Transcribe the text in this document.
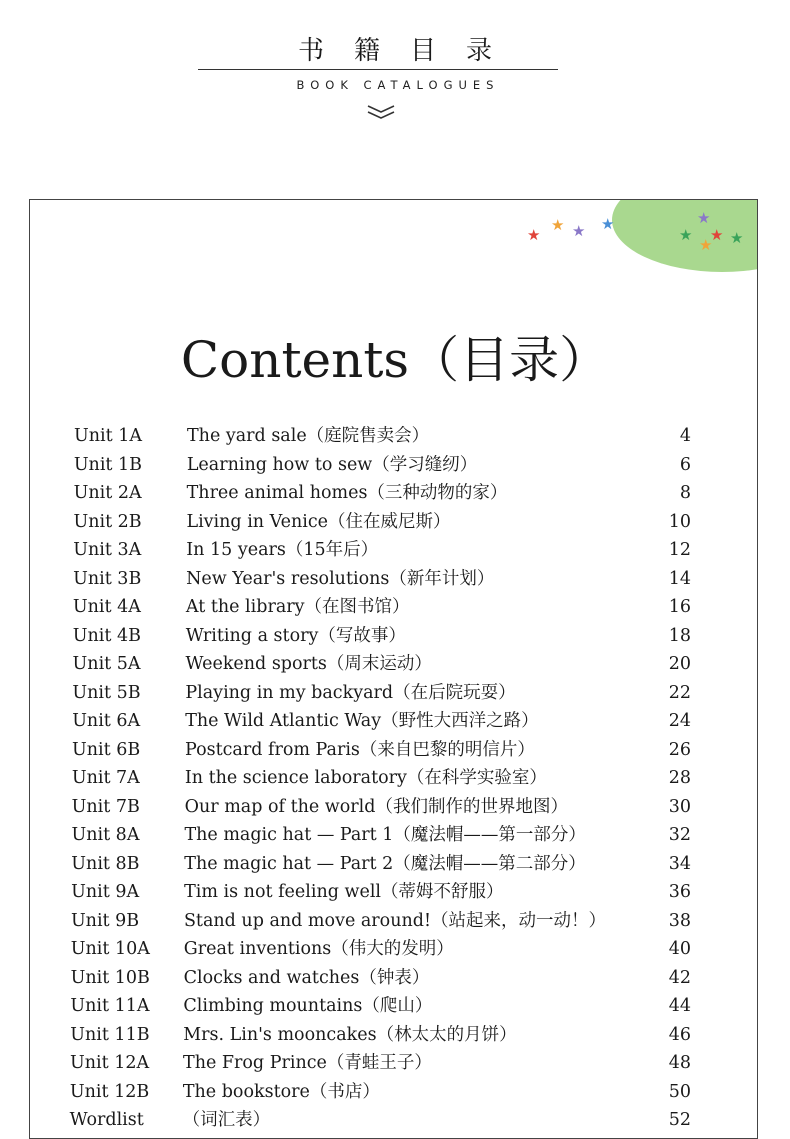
书籍目录
BOOK CATALOGUES
★
★ ★ ★	★
★ ★
★ ★
Contents（目录）
Unit 1A	The yard sale（庭院售卖会）	4
Unit 1B	Learning how to sew（学习缝纫）	6
Unit 2A	Three animal homes（三种动物的家）	8
Unit 2B	Living in Venice（住在威尼斯）	10
Unit 3A	In 15 years（15年后）	12
Unit 3B	New Year's resolutions（新年计划）	14
Unit 4A	At the library（在图书馆）	16
Unit 4B	Writing a story（写故事）	18
Unit 5A	Weekend sports（周末运动）	20
Unit 5B	Playing in my backyard（在后院玩耍）	22
Unit 6A	The Wild Atlantic Way（野性大西洋之路）	24
Unit 6B	Postcard from Paris（来自巴黎的明信片）	26
Unit 7A	In the science laboratory（在科学实验室）	28
Unit 7B	Our map of the world（我们制作的世界地图）	30
Unit 8A	The magic hat — Part 1（魔法帽——第一部分）	32
Unit 8B	The magic hat — Part 2（魔法帽——第二部分）	34
Unit 9A	Tim is not feeling well（蒂姆不舒服）	36
Unit 9B	Stand up and move around!（站起来，动一动！）	38
Unit 10A Great inventions（伟大的发明）	40
Unit 10B Clocks and watches（钟表）	42
Unit 11A Climbing mountains（爬山）	44
Unit 11B Mrs. Lin's mooncakes（林太太的月饼）	46
Unit 12A The Frog Prince（青蛙王子）	48
Unit 12B The bookstore（书店）	50
Wordlist （词汇表）	52
